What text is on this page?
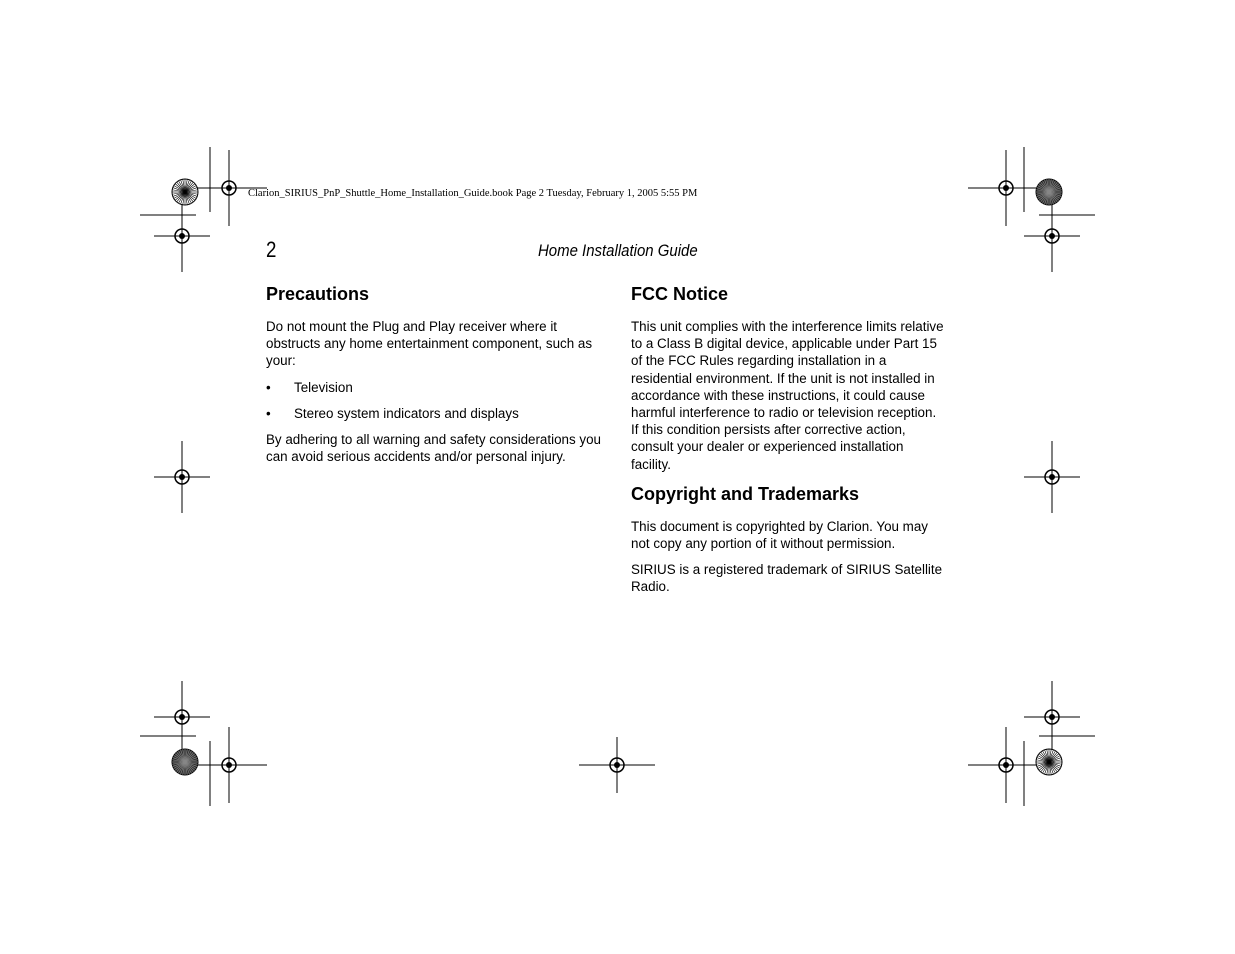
Clarion_SIRIUS_PnP_Shuttle_Home_Installation_Guide.book Page 2 Tuesday, February 1, 2005 5:55 PM
2	Home Installation Guide
Precautions

Do not mount the Plug and Play receiver where it obstructs any home entertainment component, such as your:

• Television
• Stereo system indicators and displays

By adhering to all warning and safety considerations you can avoid serious accidents and/or personal injury.

FCC Notice

This unit complies with the interference limits relative to a Class B digital device, applicable under Part 15 of the FCC Rules regarding installation in a residential environment. If the unit is not installed in accordance with these instructions, it could cause harmful interference to radio or television reception. If this condition persists after corrective action, consult your dealer or experienced installation facility.

Copyright and Trademarks

This document is copyrighted by Clarion. You may not copy any portion of it without permission.

SIRIUS is a registered trademark of SIRIUS Satellite Radio.
